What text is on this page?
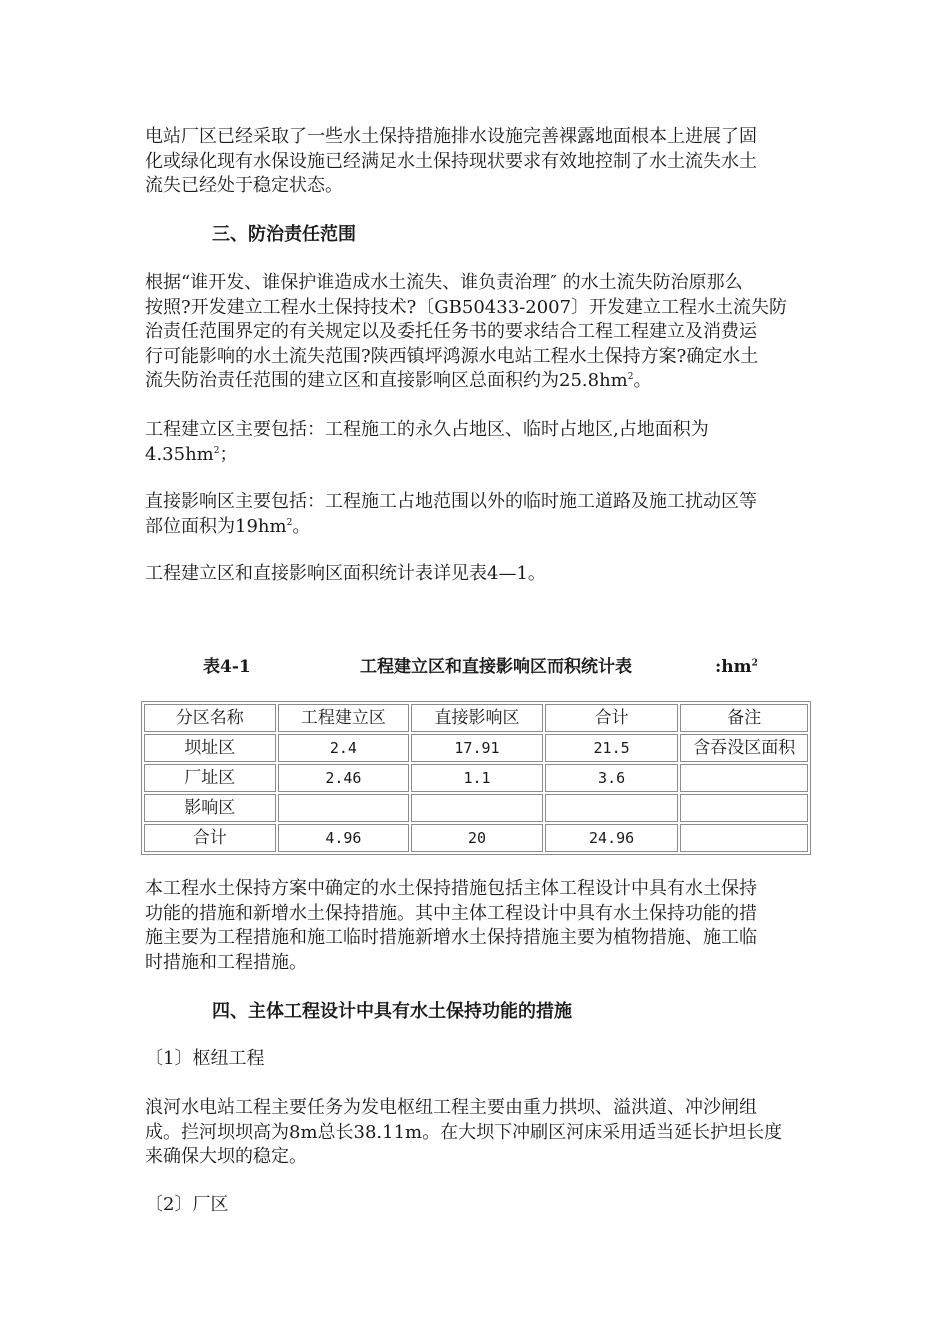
电站厂区已经采取了一些水土保持措施排水设施完善裸露地面根本上进展了固
化或绿化现有水保设施已经满足水土保持现状要求有效地控制了水土流失水土
流失已经处于稳定状态。

三、防治责任范围

根据“谁开发、谁保护谁造成水土流失、谁负责治理″ 的水土流失防治原那么
按照?开发建立工程水土保持技术?〔GB50433-2007〕开发建立工程水土流失防
治责任范围界定的有关规定以及委托任务书的要求结合工程工程建立及消费运
行可能影响的水土流失范围?陕西镇坪鸿源水电站工程水土保持方案?确定水土
流失防治责任范围的建立区和直接影响区总面积约为$25.8hm^2$。

工程建立区主要包括：工程施工的永久占地区、临时占地区,占地面积为
$4.35hm^2$；

直接影响区主要包括：工程施工占地范围以外的临时施工道路及施工扰动区等
部位面积为$19hm^2$。

工程建立区和直接影响区面积统计表详见表4—1。

表4-1	工程建立区和直接影响区而积统计表	$:hm^2$
分区名称	工程建立区	直接影响区	合计	备注
坝址区	2.4	17.91	21.5	含吞没区面积
厂址区	2.46	1.1	3.6	
影响区				
合计	4.96	20	24.96	

本工程水土保持方案中确定的水土保持措施包括主体工程设计中具有水土保持
功能的措施和新增水土保持措施。其中主体工程设计中具有水土保持功能的措
施主要为工程措施和施工临时措施新增水土保持措施主要为植物措施、施工临
时措施和工程措施。

四、主体工程设计中具有水土保持功能的措施

〔1〕枢纽工程

浪河水电站工程主要任务为发电枢纽工程主要由重力拱坝、溢洪道、冲沙闸组
成。拦河坝坝高为8m总长38.11m。在大坝下冲刷区河床采用适当延长护坦长度
来确保大坝的稳定。

〔2〕厂区
